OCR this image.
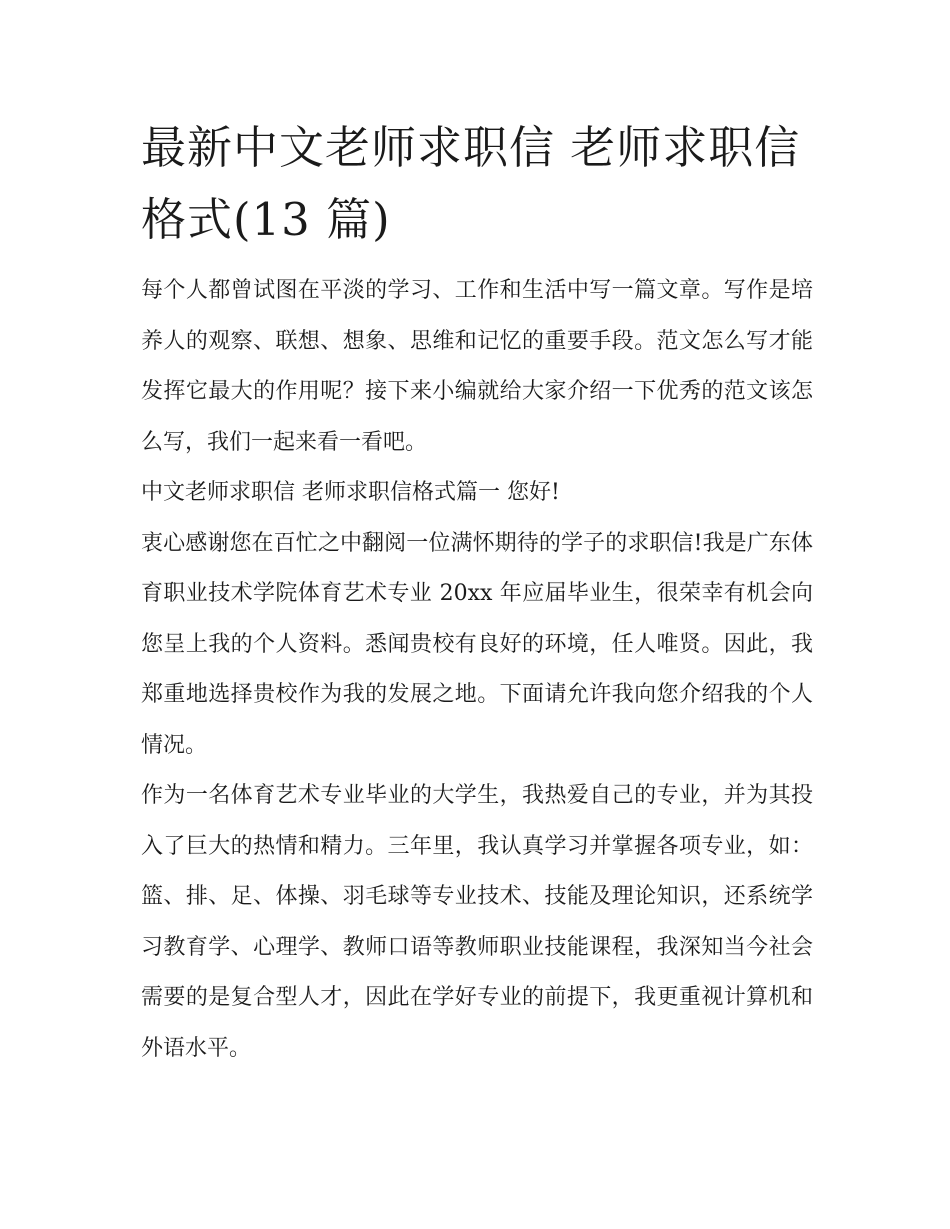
最新中文老师求职信 老师求职信格式(13 篇)

每个人都曾试图在平淡的学习、工作和生活中写一篇文章。写作是培养人的观察、联想、想象、思维和记忆的重要手段。范文怎么写才能发挥它最大的作用呢？接下来小编就给大家介绍一下优秀的范文该怎么写，我们一起来看一看吧。

中文老师求职信 老师求职信格式篇一 您好!

衷心感谢您在百忙之中翻阅一位满怀期待的学子的求职信!我是广东体育职业技术学院体育艺术专业 20xx 年应届毕业生，很荣幸有机会向您呈上我的个人资料。悉闻贵校有良好的环境，任人唯贤。因此，我郑重地选择贵校作为我的发展之地。下面请允许我向您介绍我的个人情况。

作为一名体育艺术专业毕业的大学生，我热爱自己的专业，并为其投入了巨大的热情和精力。三年里，我认真学习并掌握各项专业，如：篮、排、足、体操、羽毛球等专业技术、技能及理论知识，还系统学习教育学、心理学、教师口语等教师职业技能课程，我深知当今社会需要的是复合型人才，因此在学好专业的前提下，我更重视计算机和外语水平。
